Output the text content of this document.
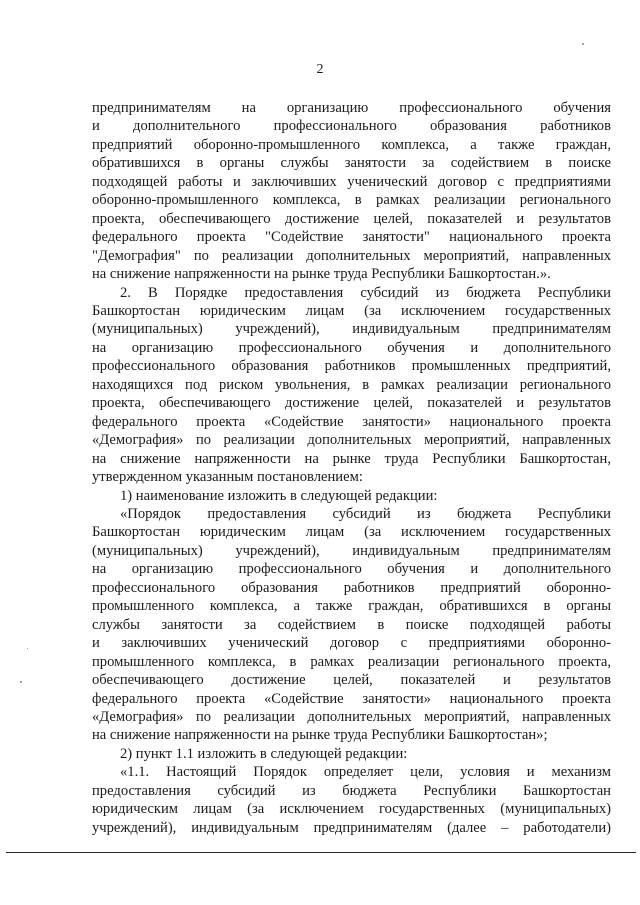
2

предпринимателям на организацию профессионального обучения

и дополнительного профессионального образования работников

предприятий оборонно-промышленного комплекса, а также граждан,

обратившихся в органы службы занятости за содействием в поиске

подходящей работы и заключивших ученический договор с предприятиями

оборонно-промышленного комплекса, в рамках реализации регионального

проекта, обеспечивающего достижение целей, показателей и результатов

федерального проекта "Содействие занятости" национального проекта

"Демография" по реализации дополнительных мероприятий, направленных

на снижение напряженности на рынке труда Республики Башкортостан.».

2. В Порядке предоставления субсидий из бюджета Республики

Башкортостан юридическим лицам (за исключением государственных

(муниципальных) учреждений), индивидуальным предпринимателям

на организацию профессионального обучения и дополнительного

профессионального образования работников промышленных предприятий,

находящихся под риском увольнения, в рамках реализации регионального

проекта, обеспечивающего достижение целей, показателей и результатов

федерального проекта «Содействие занятости» национального проекта

«Демография» по реализации дополнительных мероприятий, направленных

на снижение напряженности на рынке труда Республики Башкортостан,

утвержденном указанным постановлением:

1) наименование изложить в следующей редакции:

«Порядок предоставления субсидий из бюджета Республики

Башкортостан юридическим лицам (за исключением государственных

(муниципальных) учреждений), индивидуальным предпринимателям

на организацию профессионального обучения и дополнительного

профессионального образования работников предприятий оборонно-

промышленного комплекса, а также граждан, обратившихся в органы

службы занятости за содействием в поиске подходящей работы

и заключивших ученический договор с предприятиями оборонно-

промышленного комплекса, в рамках реализации регионального проекта,

обеспечивающего достижение целей, показателей и результатов

федерального проекта «Содействие занятости» национального проекта

«Демография» по реализации дополнительных мероприятий, направленных

на снижение напряженности на рынке труда Республики Башкортостан»;

2) пункт 1.1 изложить в следующей редакции:

«1.1. Настоящий Порядок определяет цели, условия и механизм

предоставления субсидий из бюджета Республики Башкортостан

юридическим лицам (за исключением государственных (муниципальных)

учреждений), индивидуальным предпринимателям (далее – работодатели)
